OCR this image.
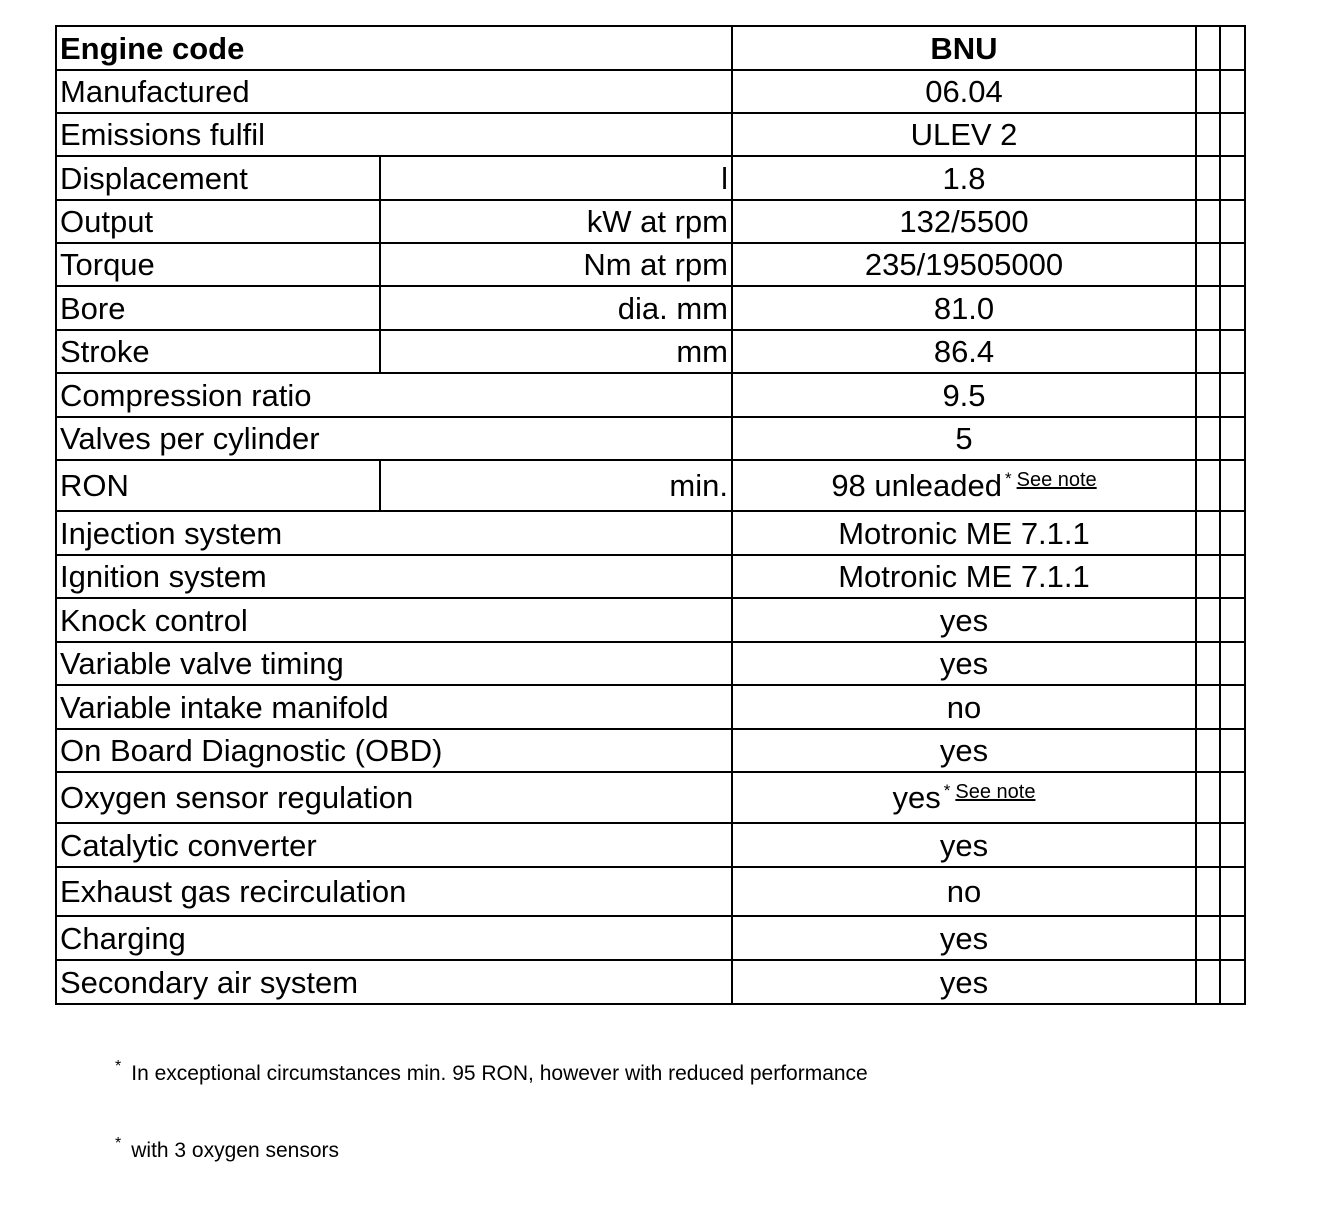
Engine code		BNU		
Manufactured		06.04		
Emissions fulfil		ULEV 2		
Displacement	l	1.8		
Output	kW at rpm	132/5500		
Torque	Nm at rpm	235/19505000		
Bore	dia. mm	81.0		
Stroke	mm	86.4		
Compression ratio		9.5		
Valves per cylinder		5		
RON	min.	98 unleaded * $^{See note}$		
Injection system		Motronic ME 7.1.1		
Ignition system		Motronic ME 7.1.1		
Knock control		yes		
Variable valve timing		yes		
Variable intake manifold		no		
On Board Diagnostic (OBD)		yes		
Oxygen sensor regulation		yes * $^{See note}$		
Catalytic converter		yes		
Exhaust gas recirculation		no		
Charging		yes		
Secondary air system		yes		
* In exceptional circumstances min. 95 RON, however with reduced performance
* with 3 oxygen sensors
